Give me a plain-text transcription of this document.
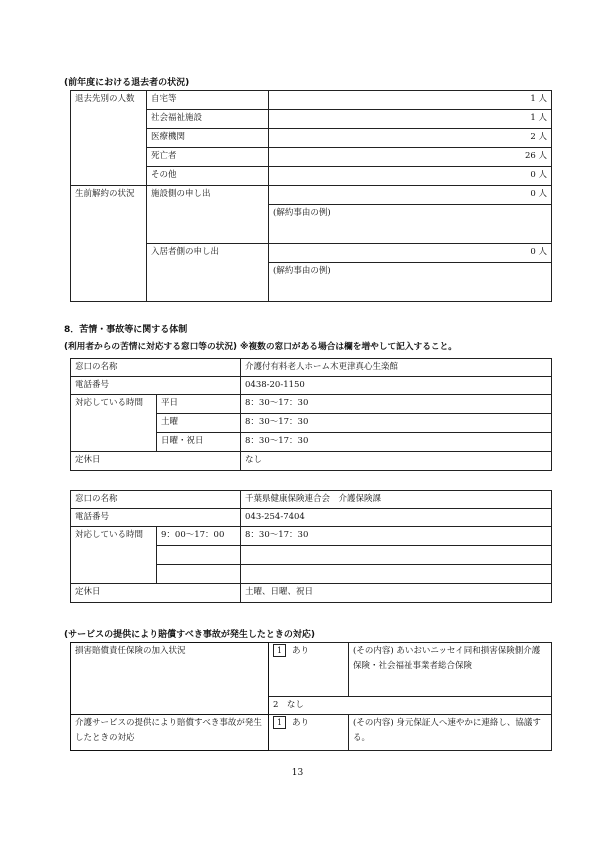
(前年度における退去者の状況)
退去先別の人数	自宅等	1 人
	社会福祉施設	1 人
	医療機関	2 人
	死亡者	26 人
	その他	0 人
生前解約の状況	施設側の申し出	0 人
		(解約事由の例)
	入居者側の申し出	0 人
		(解約事由の例)
8．苦情・事故等に関する体制
(利用者からの苦情に対応する窓口等の状況) ※複数の窓口がある場合は欄を増やして記入すること。
窓口の名称		介護付有料老人ホーム木更津真心生楽館
電話番号		0438-20-1150
対応している時間	平日	8：30～17：30
	土曜	8：30～17：30
	日曜・祝日	8：30～17：30
定休日		なし
窓口の名称		千葉県健康保険連合会　介護保険課
電話番号		043-254-7404
対応している時間	9：00～17：00	8：30～17：30

定休日		土曜、日曜、祝日
(サービスの提供により賠償すべき事故が発生したときの対応)
損害賠償責任保険の加入状況	1 あり	(その内容) あいおいニッセイ同和損害保険側介護保険・社会福祉事業者総合保険
	2　なし	
介護サービスの提供により賠償すべき事故が発生したときの対応	1 あり	(その内容) 身元保証人へ速やかに連絡し、協議する。
13
